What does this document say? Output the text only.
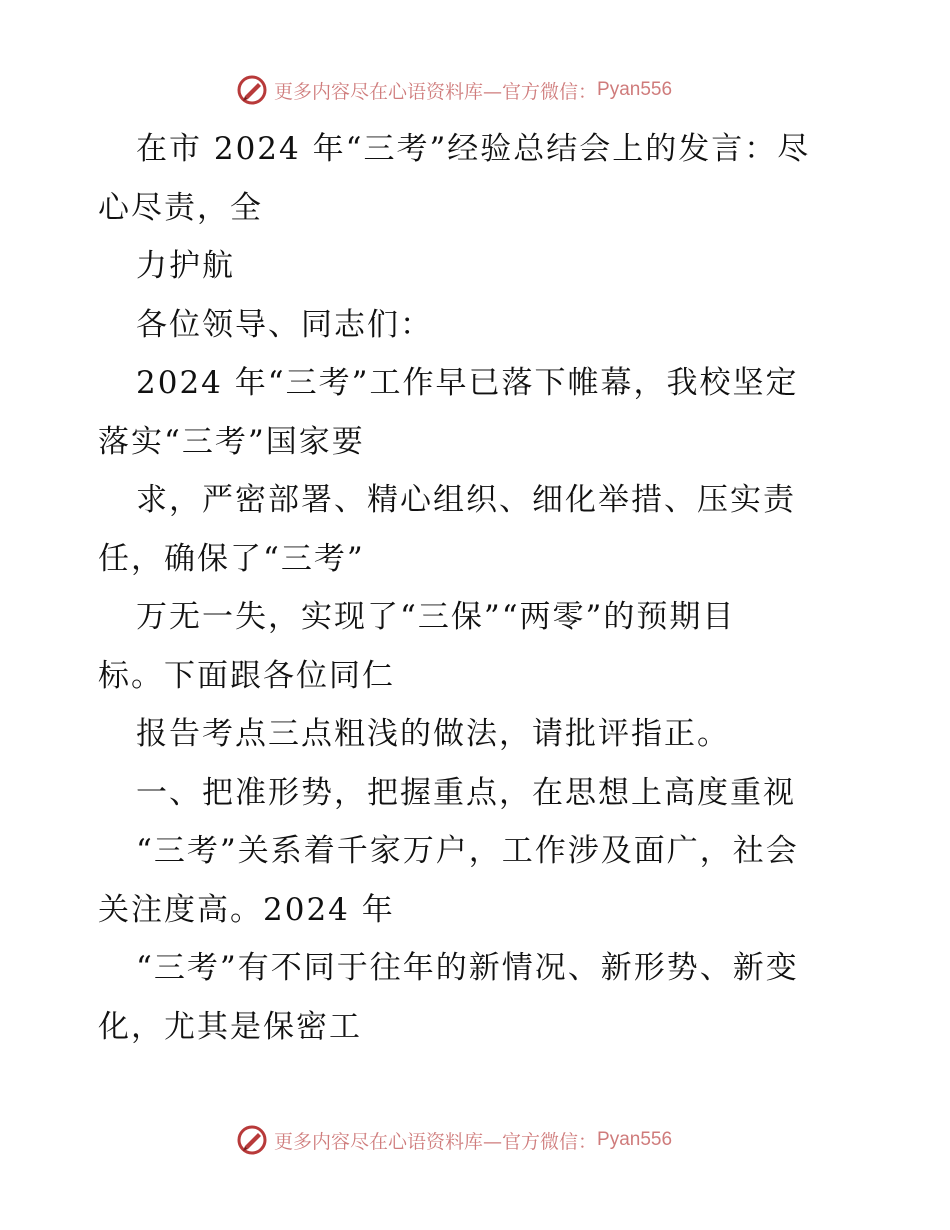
更多内容尽在心语资料库—官方微信： Pyan556
在市 2024 年“三考”经验总结会上的发言：尽
心尽责，全
力护航
各位领导、同志们：
2024 年“三考”工作早已落下帷幕，我校坚定
落实“三考”国家要
求，严密部署、精心组织、细化举措、压实责
任，确保了“三考”
万无一失，实现了“三保”“两零”的预期目
标。下面跟各位同仁
报告考点三点粗浅的做法，请批评指正。
一、把准形势，把握重点，在思想上高度重视
“三考”关系着千家万户，工作涉及面广，社会
关注度高。2024 年
“三考”有不同于往年的新情况、新形势、新变
化，尤其是保密工
更多内容尽在心语资料库—官方微信： Pyan556
